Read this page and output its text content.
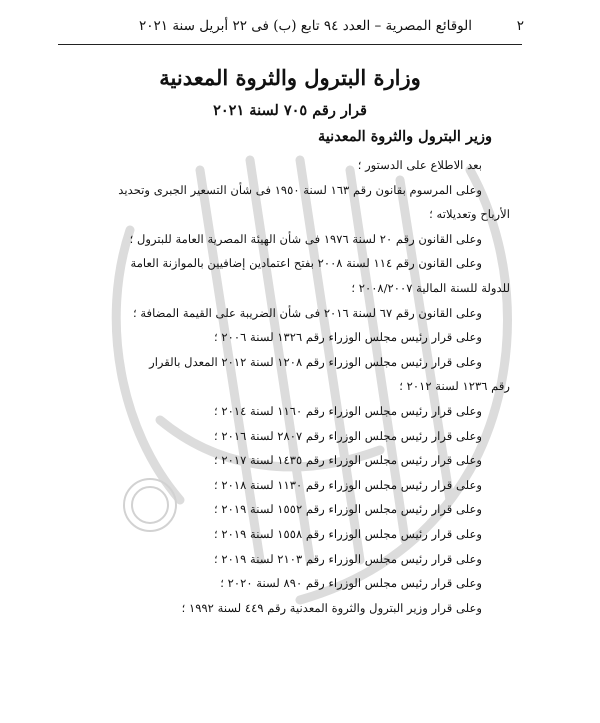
٢
الوقائع المصرية – العدد ٩٤ تابع (ب) فى ٢٢ أبريل سنة ٢٠٢١
وزارة البترول والثروة المعدنية
قرار رقم ٧٠٥ لسنة ٢٠٢١
وزير البترول والثروة المعدنية
بعد الاطلاع على الدستور ؛
وعلى المرسوم بقانون رقم ١٦٣ لسنة ١٩٥٠ فى شأن التسعير الجبرى وتحديد
الأرباح وتعديلاته ؛
وعلى القانون رقم ٢٠ لسنة ١٩٧٦ فى شأن الهيئة المصرية العامة للبترول ؛
وعلى القانون رقم ١١٤ لسنة ٢٠٠٨ بفتح اعتمادين إضافيين بالموازنة العامة
للدولة للسنة المالية ٢٠٠٨/٢٠٠٧ ؛
وعلى القانون رقم ٦٧ لسنة ٢٠١٦ فى شأن الضريبة على القيمة المضافة ؛
وعلى قرار رئيس مجلس الوزراء رقم ١٣٢٦ لسنة ٢٠٠٦ ؛
وعلى قرار رئيس مجلس الوزراء رقم ١٢٠٨ لسنة ٢٠١٢ المعدل بالقرار
رقم ١٢٣٦ لسنة ٢٠١٢ ؛
وعلى قرار رئيس مجلس الوزراء رقم ١١٦٠ لسنة ٢٠١٤ ؛
وعلى قرار رئيس مجلس الوزراء رقم ٢٨٠٧ لسنة ٢٠١٦ ؛
وعلى قرار رئيس مجلس الوزراء رقم ١٤٣٥ لسنة ٢٠١٧ ؛
وعلى قرار رئيس مجلس الوزراء رقم ١١٣٠ لسنة ٢٠١٨ ؛
وعلى قرار رئيس مجلس الوزراء رقم ١٥٥٢ لسنة ٢٠١٩ ؛
وعلى قرار رئيس مجلس الوزراء رقم ١٥٥٨ لسنة ٢٠١٩ ؛
وعلى قرار رئيس مجلس الوزراء رقم ٢١٠٣ لسنة ٢٠١٩ ؛
وعلى قرار رئيس مجلس الوزراء رقم ٨٩٠ لسنة ٢٠٢٠ ؛
وعلى قرار وزير البترول والثروة المعدنية رقم ٤٤٩ لسنة ١٩٩٢ ؛
